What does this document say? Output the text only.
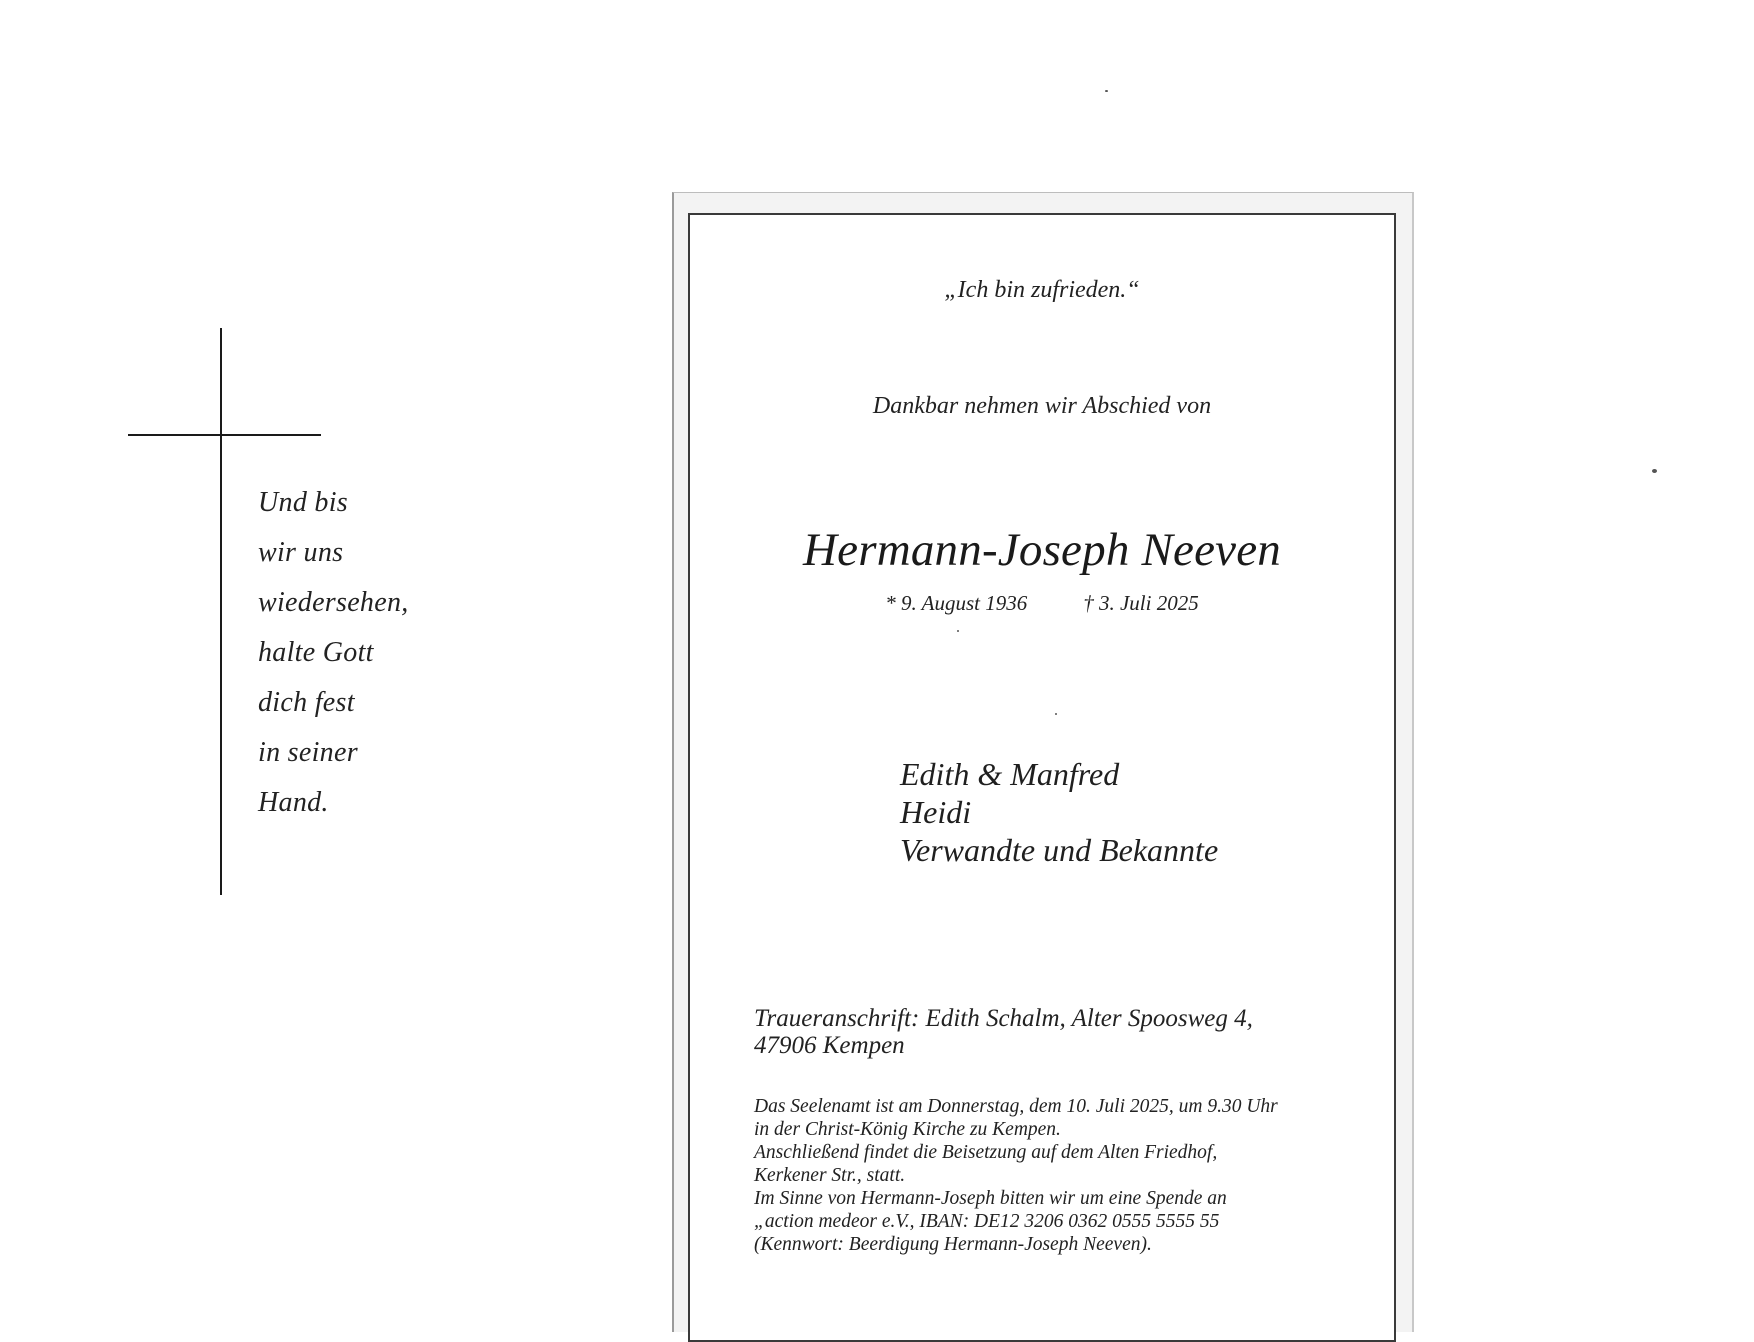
Und bis
wir uns
wiedersehen,
halte Gott
dich fest
in seiner
Hand.
„Ich bin zufrieden.“
Dankbar nehmen wir Abschied von
Hermann-Joseph Neeven
* 9. August 1936	† 3. Juli 2025
Edith & Manfred
Heidi
Verwandte und Bekannte
Traueranschrift: Edith Schalm, Alter Spoosweg 4,
47906 Kempen
Das Seelenamt ist am Donnerstag, dem 10. Juli 2025, um 9.30 Uhr
in der Christ-König Kirche zu Kempen.
Anschließend findet die Beisetzung auf dem Alten Friedhof,
Kerkener Str., statt.
Im Sinne von Hermann-Joseph bitten wir um eine Spende an
„action medeor e.V., IBAN: DE12 3206 0362 0555 5555 55
(Kennwort: Beerdigung Hermann-Joseph Neeven).
